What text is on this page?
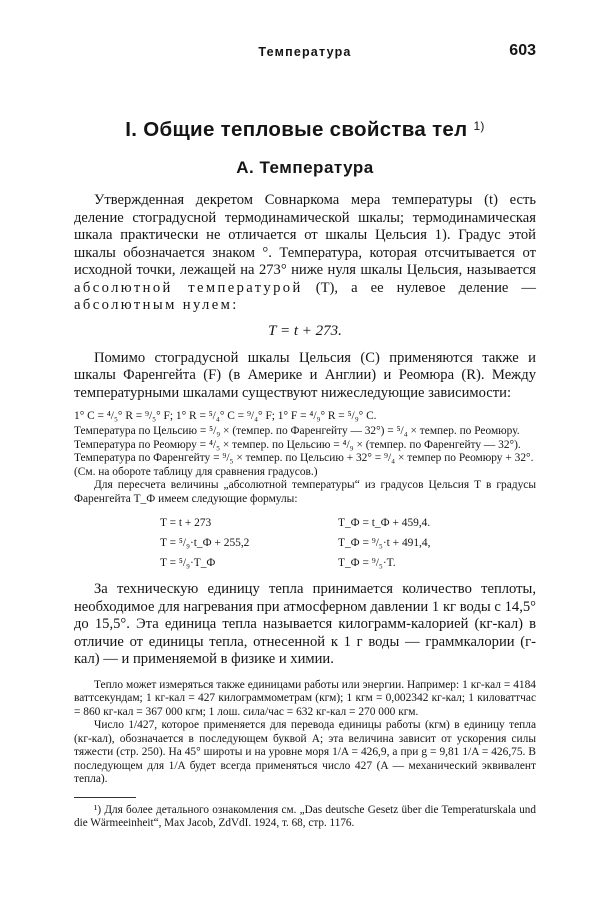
Температура	603
I. Общие тепловые свойства тел $^{1)}$
А. Температура

Утвержденная декретом Совнаркома мера температуры (t) есть деление стоградусной термодинамической шкалы; термодинамическая шкала практически не отличается от шкалы Цельсия 1). Градус этой шкалы обозначается знаком °. Температура, которая отсчитывается от исходной точки, лежащей на 273° ниже нуля шкалы Цельсия, называется абсолютной температурой (T), а ее нулевое деление — абсолютным нулем:

T = t + 273.

Помимо стоградусной шкалы Цельсия (С) применяются также и шкалы Фаренгейта (F) (в Америке и Англии) и Реомюра (R). Между температурными шкалами существуют нижеследующие зависимости:

1° C = ⁴/₅° R = ⁹/₅° F; 1° R = ⁵/₄° C = ⁹/₄° F; 1° F = ⁴/₉° R = ⁵/₉° C.

Температура по Цельсию = ⁵/₉ × (темпер. по Фаренгейту — 32°) = ⁵/₄ × темпер. по Реомюру.

Температура по Реомюру = ⁴/₅ × темпер. по Цельсию = ⁴/₉ × (темпер. по Фаренгейту — 32°).

Температура по Фаренгейту = ⁹/₅ × темпер. по Цельсию + 32° = ⁹/₄ × темпер по Реомюру + 32°.

(См. на обороте таблицу для сравнения градусов.)

Для пересчета величины „абсолютной температуры“ из градусов Цельсия T в градусы Фаренгейта T_Ф имеем следующие формулы:

T = t + 273	T_Ф = t_Ф + 459,4.
T = ⁵/₉·t_Ф + 255,2	T_Ф = ⁹/₅·t + 491,4,
T = ⁵/₉·T_Ф	T_Ф = ⁹/₅·T.

За техническую единицу тепла принимается количество теплоты, необходимое для нагревания при атмосферном давлении 1 кг воды с 14,5° до 15,5°. Эта единица тепла называется килограмм-калорией (кг-кал) в отличие от единицы тепла, отнесенной к 1 г воды — граммкалории (г-кал) — и применяемой в физике и химии.

Тепло может измеряться также единицами работы или энергии. Например: 1 кг-кал = 4184 ваттсекундам; 1 кг-кал = 427 килограммометрам (кгм); 1 кгм = 0,002342 кг-кал; 1 киловаттчас = 860 кг-кал = 367 000 кгм; 1 лош. сила/час = 632 кг-кал = 270 000 кгм.

Число 1/427, которое применяется для перевода единицы работы (кгм) в единицу тепла (кг-кал), обозначается в последующем буквой A; эта величина зависит от ускорения силы тяжести (стр. 250). На 45° широты и на уровне моря 1/A = 426,9, а при g = 9,81 1/A = 426,75. В последующем для 1/A будет всегда применяться число 427 (A — механический эквивалент тепла).

¹) Для более детального ознакомления см. „Das deutsche Gesetz über die Temperaturskala und die Wärmeeinheit“, Max Jacob, ZdVdI. 1924, т. 68, стр. 1176.
